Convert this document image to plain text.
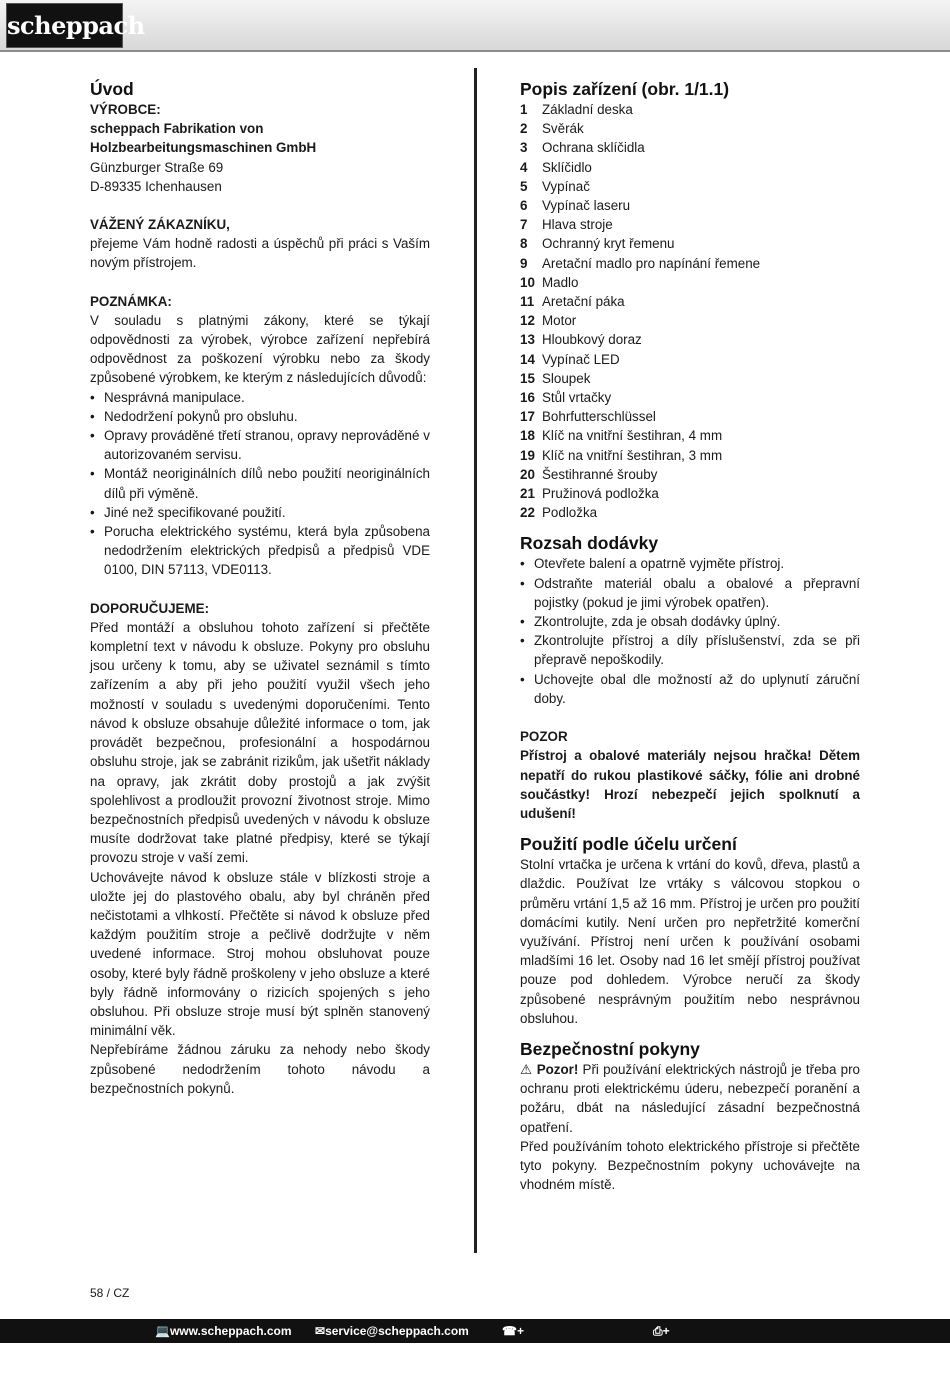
scheppach
Úvod

VÝROBCE:

scheppach Fabrikation von

Holzbearbeitungsmaschinen GmbH

Günzburger Straße 69

D-89335 Ichenhausen

VÁŽENÝ ZÁKAZNÍKU,

přejeme Vám hodně radosti a úspěchů při práci s Vaším novým přístrojem.

POZNÁMKA:

V souladu s platnými zákony, které se týkají odpovědnosti za výrobek, výrobce zařízení nepřebírá odpovědnost za poškození výrobku nebo za škody způsobené výrobkem, ke kterým z následujících důvodů:

• Nesprávná manipulace.
• Nedodržení pokynů pro obsluhu.
• Opravy prováděné třetí stranou, opravy neprováděné v autorizovaném servisu.
• Montáž neoriginálních dílů nebo použití neoriginálních dílů při výměně.
• Jiné než specifikované použití.
• Porucha elektrického systému, která byla způsobena nedodržením elektrických předpisů a předpisů VDE 0100, DIN 57113, VDE0113.

DOPORUČUJEME:

Před montáží a obsluhou tohoto zařízení si přečtěte kompletní text v návodu k obsluze. Pokyny pro obsluhu jsou určeny k tomu, aby se uživatel seznámil s tímto zařízením a aby při jeho použití využil všech jeho možností v souladu s uvedenými doporučeními. Tento návod k obsluze obsahuje důležité informace o tom, jak provádět bezpečnou, profesionální a hospodárnou obsluhu stroje, jak se zabránit rizikům, jak ušetřit náklady na opravy, jak zkrátit doby prostojů a jak zvýšit spolehlivost a prodloužit provozní životnost stroje. Mimo bezpečnostních předpisů uvedených v návodu k obsluze musíte dodržovat take platné předpisy, které se týkají provozu stroje v vaší zemi.

Uchovávejte návod k obsluze stále v blízkosti stroje a uložte jej do plastového obalu, aby byl chráněn před nečistotami a vlhkostí. Přečtěte si návod k obsluze před každým použitím stroje a pečlivě dodržujte v něm uvedené informace. Stroj mohou obsluhovat pouze osoby, které byly řádně proškoleny v jeho obsluze a které byly řádně informovány o rizicích spojených s jeho obsluhou. Při obsluze stroje musí být splněn stanovený minimální věk.

Nepřebíráme žádnou záruku za nehody nebo škody způsobené nedodržením tohoto návodu a bezpečnostních pokynů.

Popis zařízení (obr. 1/1.1)
1	Základní deska
2	Svěrák
3	Ochrana sklíčidla
4	Sklíčidlo
5	Vypínač
6	Vypínač laseru
7	Hlava stroje
8	Ochranný kryt řemenu
9	Aretační madlo pro napínání řemene
10	Madlo
11	Aretační páka
12	Motor
13	Hloubkový doraz
14	Vypínač LED
15	Sloupek
16	Stůl vrtačky
17	Bohrfutterschlüssel
18	Klíč na vnitřní šestihran, 4 mm
19	Klíč na vnitřní šestihran, 3 mm
20	Šestihranné šrouby
21	Pružinová podložka
22	Podložka
Rozsah dodávky
• Otevřete balení a opatrně vyjměte přístroj.
• Odstraňte materiál obalu a obalové a přepravní pojistky (pokud je jimi výrobek opatřen).
• Zkontrolujte, zda je obsah dodávky úplný.
• Zkontrolujte přístroj a díly příslušenství, zda se při přepravě nepoškodily.
• Uchovejte obal dle možností až do uplynutí záruční doby.

POZOR

Přístroj a obalové materiály nejsou hračka! Dětem nepatří do rukou plastikové sáčky, fólie ani drobné součástky! Hrozí nebezpečí jejich spolknutí a udušení!

Použití podle účelu určení

Stolní vrtačka je určena k vrtání do kovů, dřeva, plastů a dlaždic. Používat lze vrtáky s válcovou stopkou o průměru vrtání 1,5 až 16 mm. Přístroj je určen pro použití domácími kutily. Není určen pro nepřetržité komerční využívání. Přístroj není určen k používání osobami mladšími 16 let. Osoby nad 16 let smějí přístroj používat pouze pod dohledem. Výrobce neručí za škody způsobené nesprávným použitím nebo nesprávnou obsluhou.

Bezpečnostní pokyny

⚠ Pozor! Při používání elektrických nástrojů je třeba pro ochranu proti elektrickému úderu, nebezpečí poranění a požáru, dbát na následující zásadní bezpečnostná opatření.

Před používáním tohoto elektrického přístroje si přečtěte tyto pokyny. Bezpečnostním pokyny uchovávejte na vhodném místě.

58 / CZ
💻 www.scheppach.com ✉ service@scheppach.com	☎ +(49)-08223-4002-99
⎙ +(49)-08223-4002-58
